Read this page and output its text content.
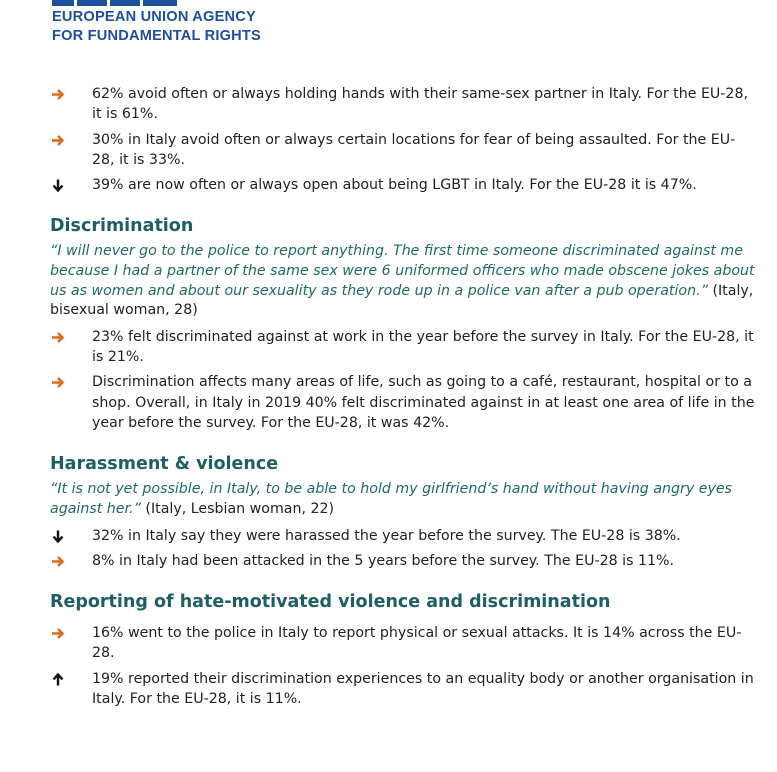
EUROPEAN UNION AGENCY
FOR FUNDAMENTAL RIGHTS
62% avoid often or always holding hands with their same-sex partner in Italy. For the EU-28, it is 61%.
30% in Italy avoid often or always certain locations for fear of being assaulted. For the EU-28, it is 33%.
39% are now often or always open about being LGBT in Italy. For the EU-28 it is 47%.
Discrimination
“I will never go to the police to report anything. The first time someone discriminated against me because I had a partner of the same sex were 6 uniformed officers who made obscene jokes about us as women and about our sexuality as they rode up in a police van after a pub operation.” (Italy, bisexual woman, 28)
23% felt discriminated against at work in the year before the survey in Italy. For the EU-28, it is 21%.
Discrimination affects many areas of life, such as going to a café, restaurant, hospital or to a shop. Overall, in Italy in 2019 40% felt discriminated against in at least one area of life in the year before the survey. For the EU-28, it was 42%.
Harassment & violence
“It is not yet possible, in Italy, to be able to hold my girlfriend’s hand without having angry eyes against her.” (Italy, Lesbian woman, 22)
32% in Italy say they were harassed the year before the survey. The EU-28 is 38%.
8% in Italy had been attacked in the 5 years before the survey. The EU-28 is 11%.
Reporting of hate-motivated violence and discrimination
16% went to the police in Italy to report physical or sexual attacks. It is 14% across the EU-28.
19% reported their discrimination experiences to an equality body or another organisation in Italy. For the EU-28, it is 11%.
